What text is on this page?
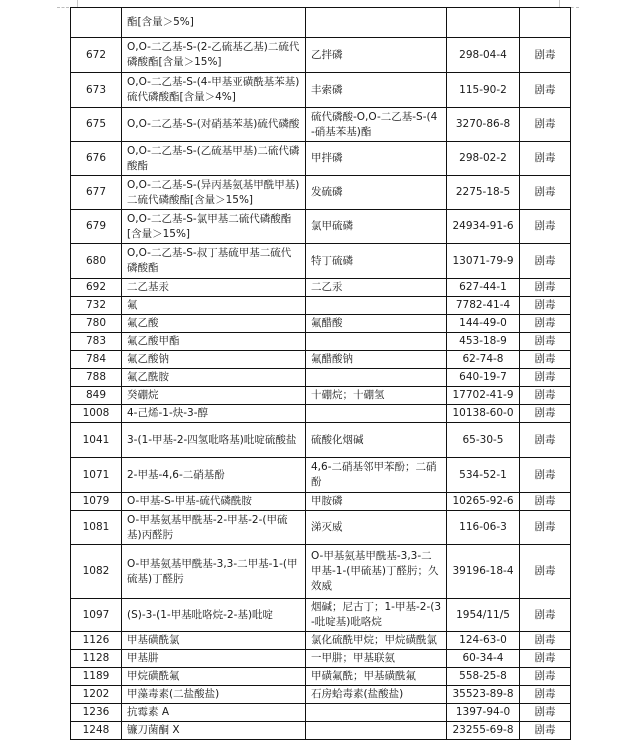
	酯[含量＞5%]			
672	O,O-二乙基-S-(2-乙硫基乙基)二硫代磷酸酯[含量＞15%]	乙拌磷	298-04-4	剧毒
673	O,O-二乙基-S-(4-甲基亚磺酰基苯基)硫代磷酸酯[含量＞4%]	丰索磷	115-90-2	剧毒
675	O,O-二乙基-S-(对硝基苯基)硫代磷酸	硫代磷酸-O,O-二乙基-S-(4-硝基苯基)酯	3270-86-8	剧毒
676	O,O-二乙基-S-(乙硫基甲基)二硫代磷酸酯	甲拌磷	298-02-2	剧毒
677	O,O-二乙基-S-(异丙基氨基甲酰甲基)二硫代磷酸酯[含量＞15%]	发硫磷	2275-18-5	剧毒
679	O,O-二乙基-S-氯甲基二硫代磷酸酯[含量＞15%]	氯甲硫磷	24934-91-6	剧毒
680	O,O-二乙基-S-叔丁基硫甲基二硫代磷酸酯	特丁硫磷	13071-79-9	剧毒
692	二乙基汞	二乙汞	627-44-1	剧毒
732	氟		7782-41-4	剧毒
780	氟乙酸	氟醋酸	144-49-0	剧毒
783	氟乙酸甲酯		453-18-9	剧毒
784	氟乙酸钠	氟醋酸钠	62-74-8	剧毒
788	氟乙酰胺		640-19-7	剧毒
849	癸硼烷	十硼烷；十硼氢	17702-41-9	剧毒
1008	4-己烯-1-炔-3-醇		10138-60-0	剧毒
1041	3-(1-甲基-2-四氢吡咯基)吡啶硫酸盐	硫酸化烟碱	65-30-5	剧毒
1071	2-甲基-4,6-二硝基酚	4,6-二硝基邻甲苯酚；二硝酚	534-52-1	剧毒
1079	O-甲基-S-甲基-硫代磷酰胺	甲胺磷	10265-92-6	剧毒
1081	O-甲基氨基甲酰基-2-甲基-2-(甲硫基)丙醛肟	涕灭威	116-06-3	剧毒
1082	O-甲基氨基甲酰基-3,3-二甲基-1-(甲硫基)丁醛肟	O-甲基氨基甲酰基-3,3-二甲基-1-(甲硫基)丁醛肟；久效威	39196-18-4	剧毒
1097	(S)-3-(1-甲基吡咯烷-2-基)吡啶	烟碱；尼古丁；1-甲基-2-(3-吡啶基)吡咯烷	1954/11/5	剧毒
1126	甲基磺酰氯	氯化硫酰甲烷；甲烷磺酰氯	124-63-0	剧毒
1128	甲基肼	一甲肼；甲基联氨	60-34-4	剧毒
1189	甲烷磺酰氟	甲磺氟酰；甲基磺酰氟	558-25-8	剧毒
1202	甲藻毒素(二盐酸盐)	石房蛤毒素(盐酸盐)	35523-89-8	剧毒
1236	抗霉素 A		1397-94-0	剧毒
1248	镰刀菌酮 X		23255-69-8	剧毒
